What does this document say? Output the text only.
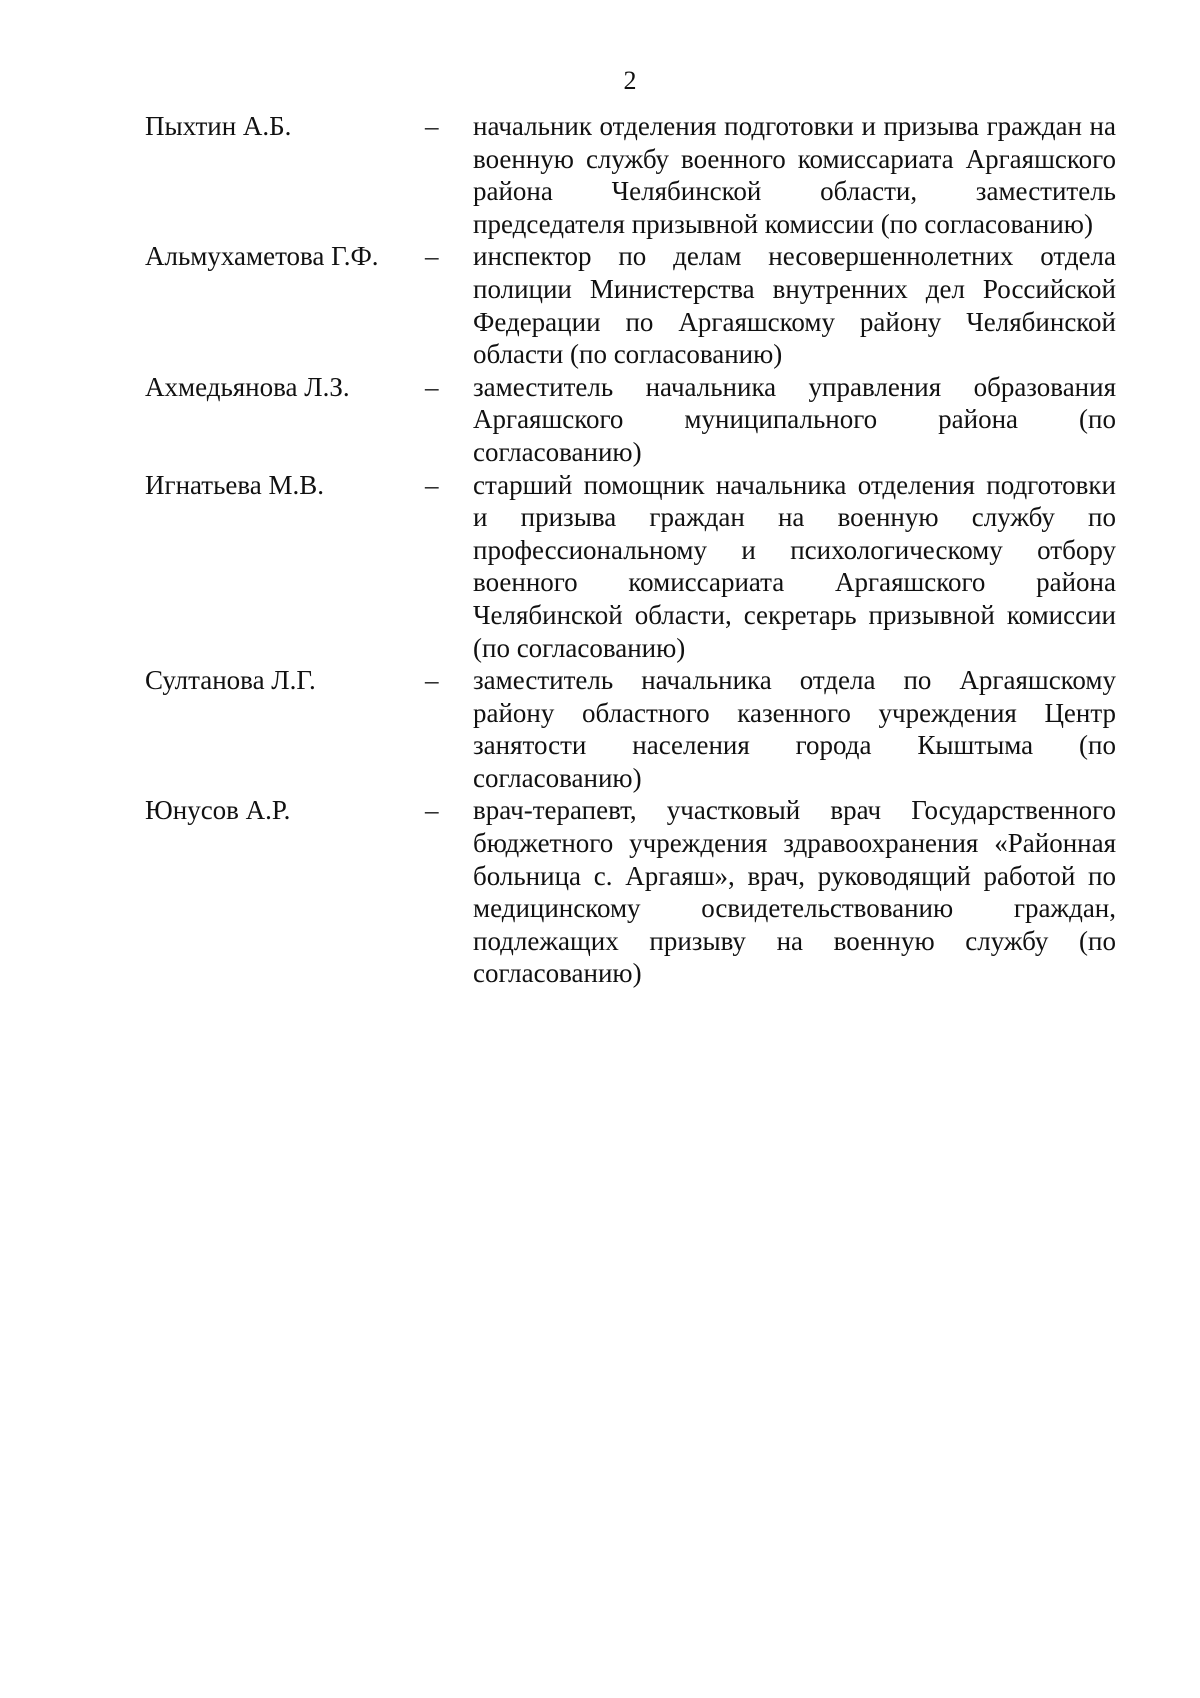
2
Пыхтин А.Б.	–	начальник отделения подготовки и призыва граждан на военную службу военного комиссариата Аргаяшского района Челябинской области, заместитель председателя призывной комиссии (по согласованию)
Альмухаметова Г.Ф.	–	инспектор по делам несовершеннолетних отдела полиции Министерства внутренних дел Российской Федерации по Аргаяшскому району Челябинской области (по согласованию)
Ахмедьянова Л.З.	–	заместитель начальника управления образования Аргаяшского муниципального района (по согласованию)
Игнатьева М.В.	–	старший помощник начальника отделения подготовки и призыва граждан на военную службу по профессиональному и психологическому отбору военного комиссариата Аргаяшского района Челябинской области, секретарь призывной комиссии (по согласованию)
Султанова Л.Г.	–	заместитель начальника отдела по Аргаяшскому району областного казенного учреждения Центр занятости населения города Кыштыма (по согласованию)
Юнусов А.Р.	–	врач-терапевт, участковый врач Государственного бюджетного учреждения здравоохранения «Районная больница с. Аргаяш», врач, руководящий работой по медицинскому освидетельствованию граждан, подлежащих призыву на военную службу (по согласованию)
